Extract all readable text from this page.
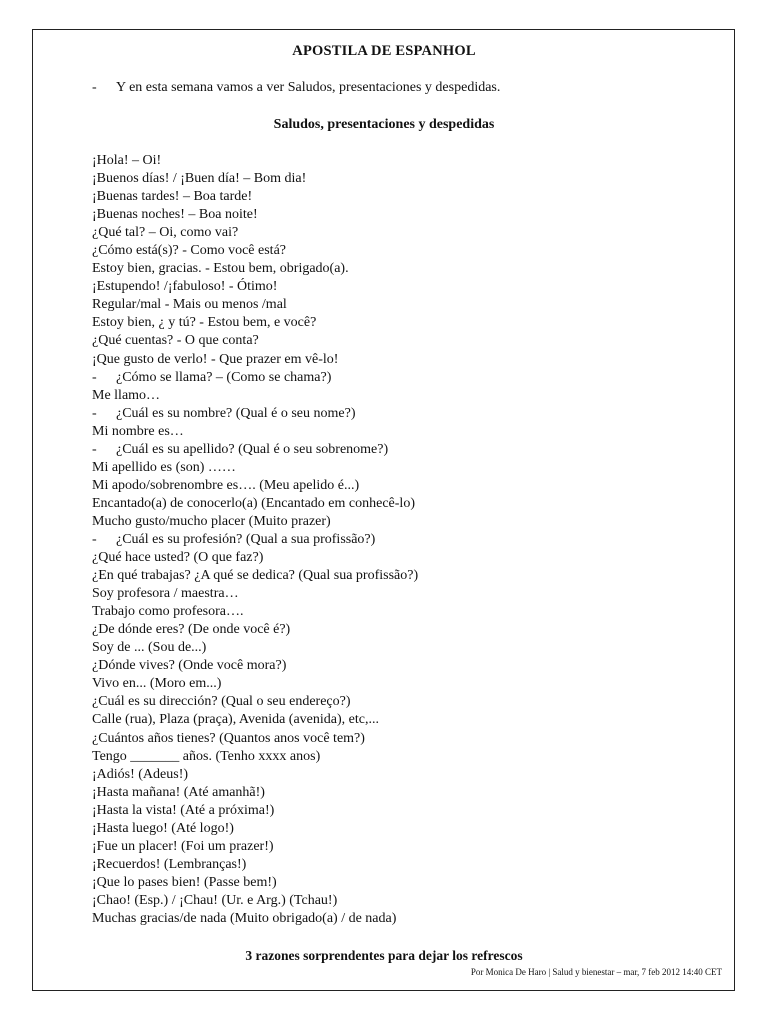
APOSTILA DE ESPANHOL
- Y en esta semana vamos a ver Saludos, presentaciones y despedidas.
Saludos, presentaciones y despedidas
¡Hola! – Oi!
¡Buenos días! / ¡Buen día! – Bom dia!
¡Buenas tardes! – Boa tarde!
¡Buenas noches! – Boa noite!
¿Qué tal? – Oi, como vai?
¿Cómo está(s)? - Como você está?
Estoy bien, gracias. - Estou bem, obrigado(a).
¡Estupendo! /¡fabuloso! - Ótimo!
Regular/mal - Mais ou menos /mal
Estoy bien, ¿ y tú? - Estou bem, e você?
¿Qué cuentas? - O que conta?
¡Que gusto de verlo! - Que prazer em vê-lo!
- ¿Cómo se llama? – (Como se chama?)
Me llamo…
- ¿Cuál es su nombre? (Qual é o seu nome?)
Mi nombre es…
- ¿Cuál es su apellido? (Qual é o seu sobrenome?)
Mi apellido es (son) ……
Mi apodo/sobrenombre es…. (Meu apelido é...)
Encantado(a) de conocerlo(a) (Encantado em conhecê-lo)
Mucho gusto/mucho placer (Muito prazer)
- ¿Cuál es su profesión? (Qual a sua profissão?)
¿Qué hace usted? (O que faz?)
¿En qué trabajas? ¿A qué se dedica? (Qual sua profissão?)
Soy profesora / maestra…
Trabajo como profesora….
¿De dónde eres? (De onde você é?)
Soy de ... (Sou de...)
¿Dónde vives? (Onde você mora?)
Vivo en... (Moro em...)
¿Cuál es su dirección? (Qual o seu endereço?)
Calle (rua), Plaza (praça), Avenida (avenida), etc,...
¿Cuántos años tienes? (Quantos anos você tem?)
Tengo _______ años. (Tenho xxxx anos)
¡Adiós! (Adeus!)
¡Hasta mañana! (Até amanhã!)
¡Hasta la vista! (Até a próxima!)
¡Hasta luego! (Até logo!)
¡Fue un placer! (Foi um prazer!)
¡Recuerdos! (Lembranças!)
¡Que lo pases bien! (Passe bem!)
¡Chao! (Esp.) / ¡Chau! (Ur. e Arg.) (Tchau!)
Muchas gracias/de nada (Muito obrigado(a) / de nada)
3 razones sorprendentes para dejar los refrescos
Por Monica De Haro | Salud y bienestar – mar, 7 feb 2012 14:40 CET
